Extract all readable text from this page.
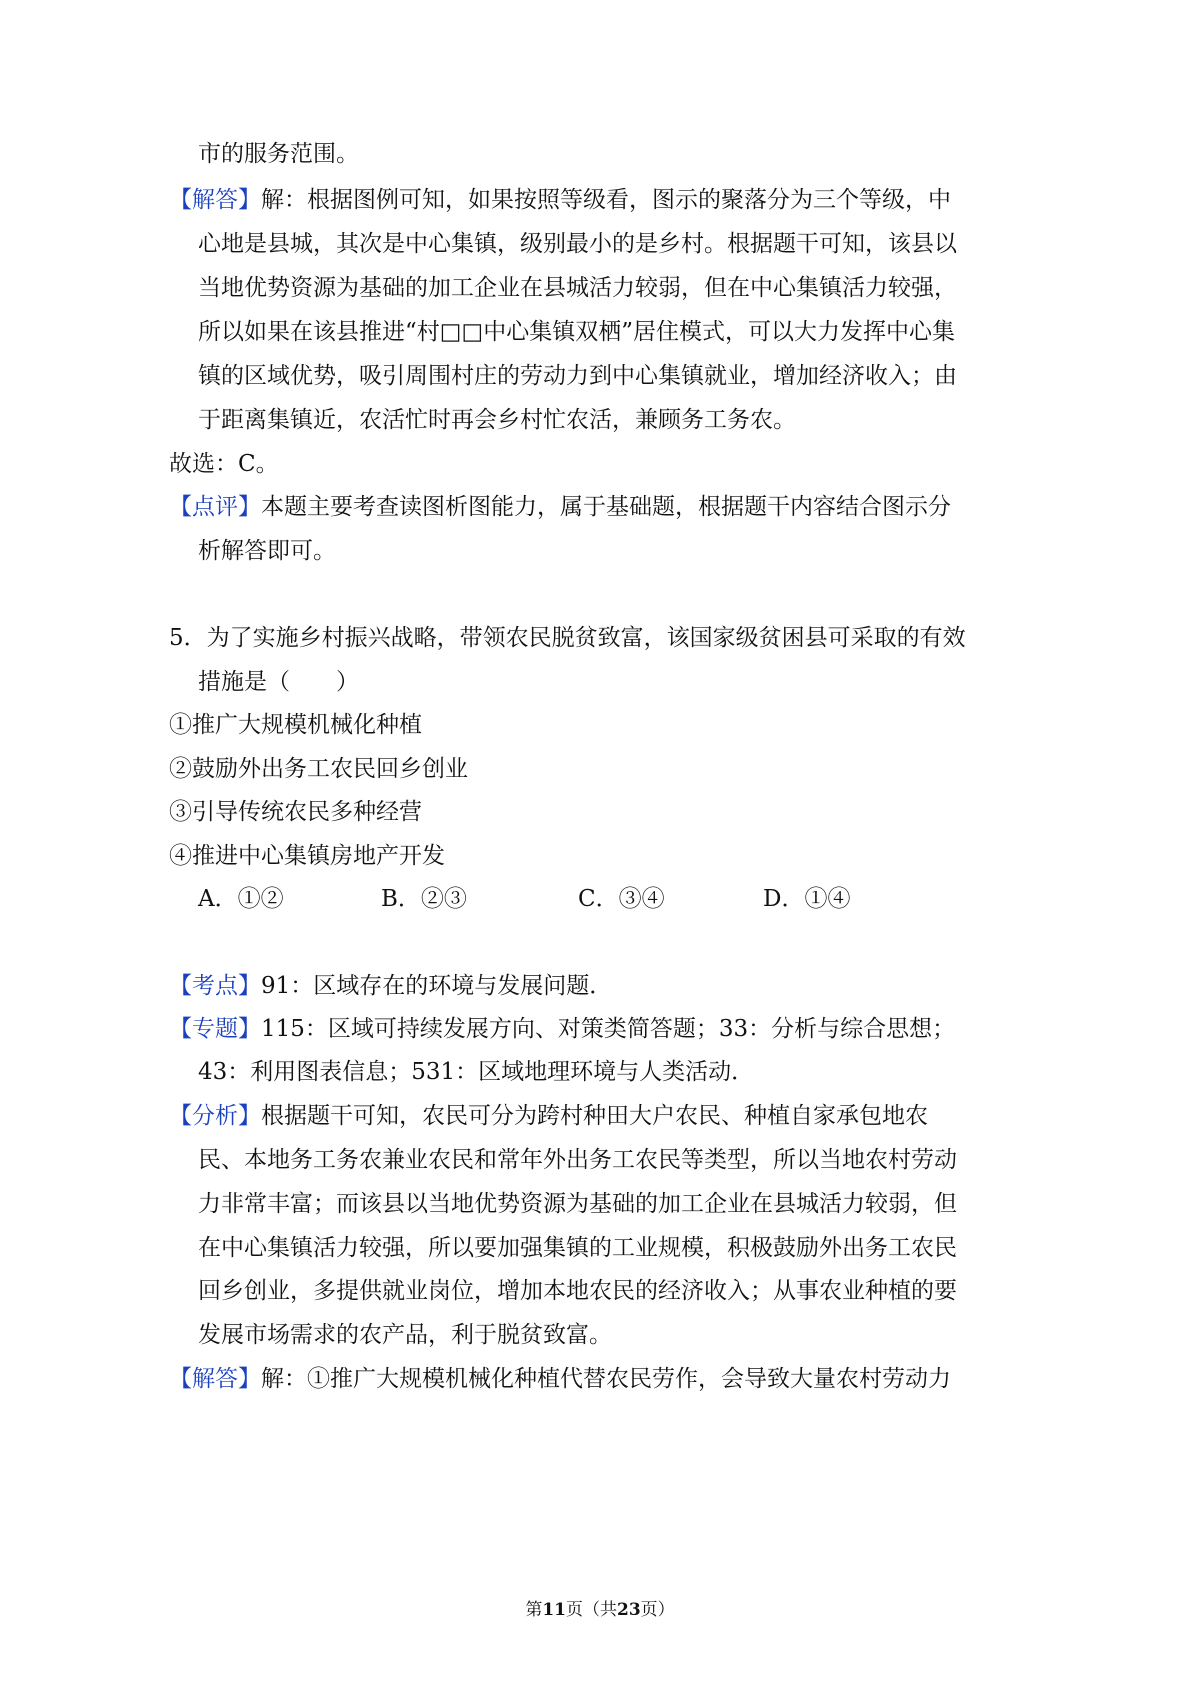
市的服务范围。
【解答】解：根据图例可知，如果按照等级看，图示的聚落分为三个等级，中
心地是县城，其次是中心集镇，级别最小的是乡村。根据题干可知，该县以
当地优势资源为基础的加工企业在县城活力较弱，但在中心集镇活力较强，
所以如果在该县推进“村□□中心集镇双栖”居住模式，可以大力发挥中心集
镇的区域优势，吸引周围村庄的劳动力到中心集镇就业，增加经济收入；由
于距离集镇近，农活忙时再会乡村忙农活，兼顾务工务农。
故选：C。
【点评】本题主要考查读图析图能力，属于基础题，根据题干内容结合图示分
析解答即可。
5．为了实施乡村振兴战略，带领农民脱贫致富，该国家级贫困县可采取的有效
措施是（　　）
①推广大规模机械化种植
②鼓励外出务工农民回乡创业
③引导传统农民多种经营
④推进中心集镇房地产开发
A．①②	B．②③	C．③④	D．①④
【考点】91：区域存在的环境与发展问题．
【专题】115：区域可持续发展方向、对策类简答题；33：分析与综合思想；
43：利用图表信息；531：区域地理环境与人类活动．
【分析】根据题干可知，农民可分为跨村种田大户农民、种植自家承包地农
民、本地务工务农兼业农民和常年外出务工农民等类型，所以当地农村劳动
力非常丰富；而该县以当地优势资源为基础的加工企业在县城活力较弱，但
在中心集镇活力较强，所以要加强集镇的工业规模，积极鼓励外出务工农民
回乡创业，多提供就业岗位，增加本地农民的经济收入；从事农业种植的要
发展市场需求的农产品，利于脱贫致富。
【解答】解：①推广大规模机械化种植代替农民劳作，会导致大量农村劳动力
第11页（共23页）
